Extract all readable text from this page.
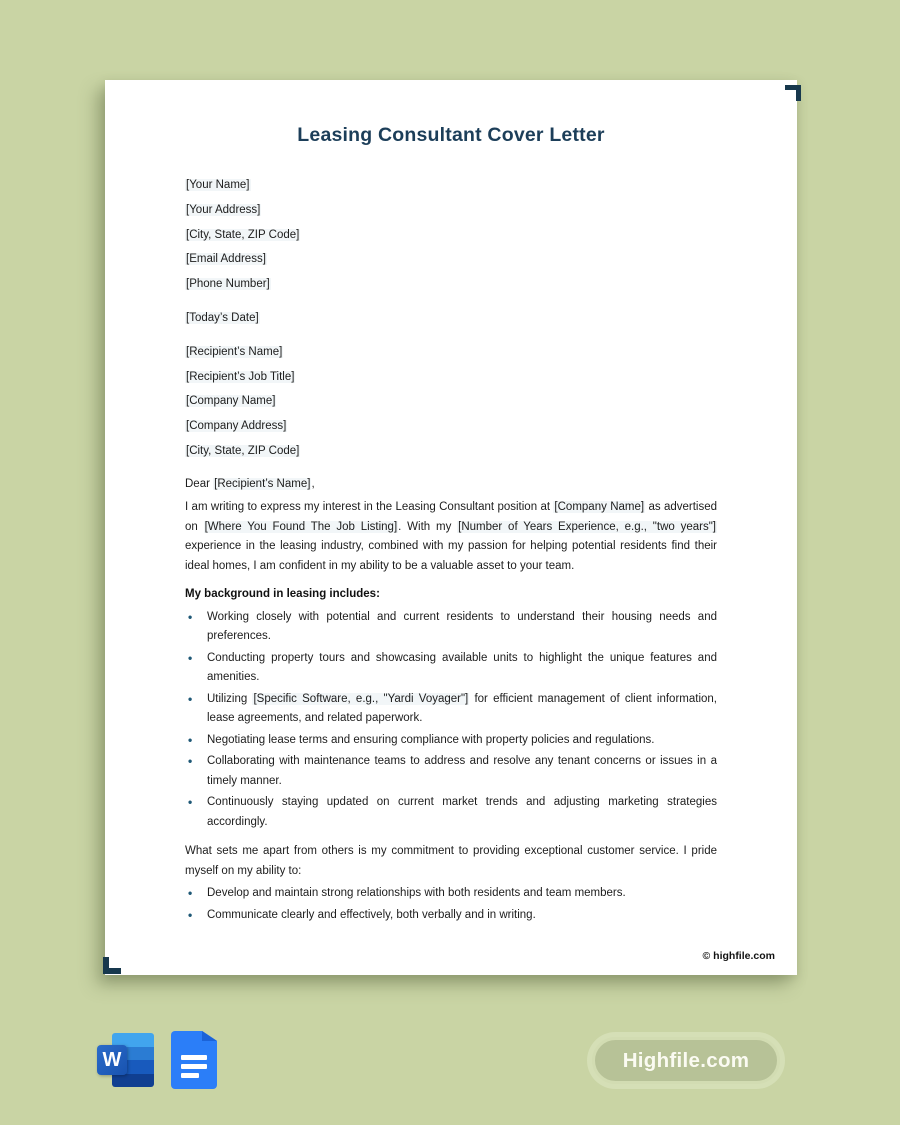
Leasing Consultant Cover Letter
[Your Name]
[Your Address]
[City, State, ZIP Code]
[Email Address]
[Phone Number]
[Today’s Date]
[Recipient’s Name]
[Recipient’s Job Title]
[Company Name]
[Company Address]
[City, State, ZIP Code]
Dear [Recipient’s Name],

I am writing to express my interest in the Leasing Consultant position at [Company Name] as advertised on [Where You Found The Job Listing]. With my [Number of Years Experience, e.g., "two years"] experience in the leasing industry, combined with my passion for helping potential residents find their ideal homes, I am confident in my ability to be a valuable asset to your team.

My background in leasing includes:

• Working closely with potential and current residents to understand their housing needs and preferences.
• Conducting property tours and showcasing available units to highlight the unique features and amenities.
• Utilizing [Specific Software, e.g., "Yardi Voyager"] for efficient management of client information, lease agreements, and related paperwork.
• Negotiating lease terms and ensuring compliance with property policies and regulations.
• Collaborating with maintenance teams to address and resolve any tenant concerns or issues in a timely manner.
• Continuously staying updated on current market trends and adjusting marketing strategies accordingly.

What sets me apart from others is my commitment to providing exceptional customer service. I pride myself on my ability to:

• Develop and maintain strong relationships with both residents and team members.
• Communicate clearly and effectively, both verbally and in writing.
© highfile.com
W	Highfile.com
